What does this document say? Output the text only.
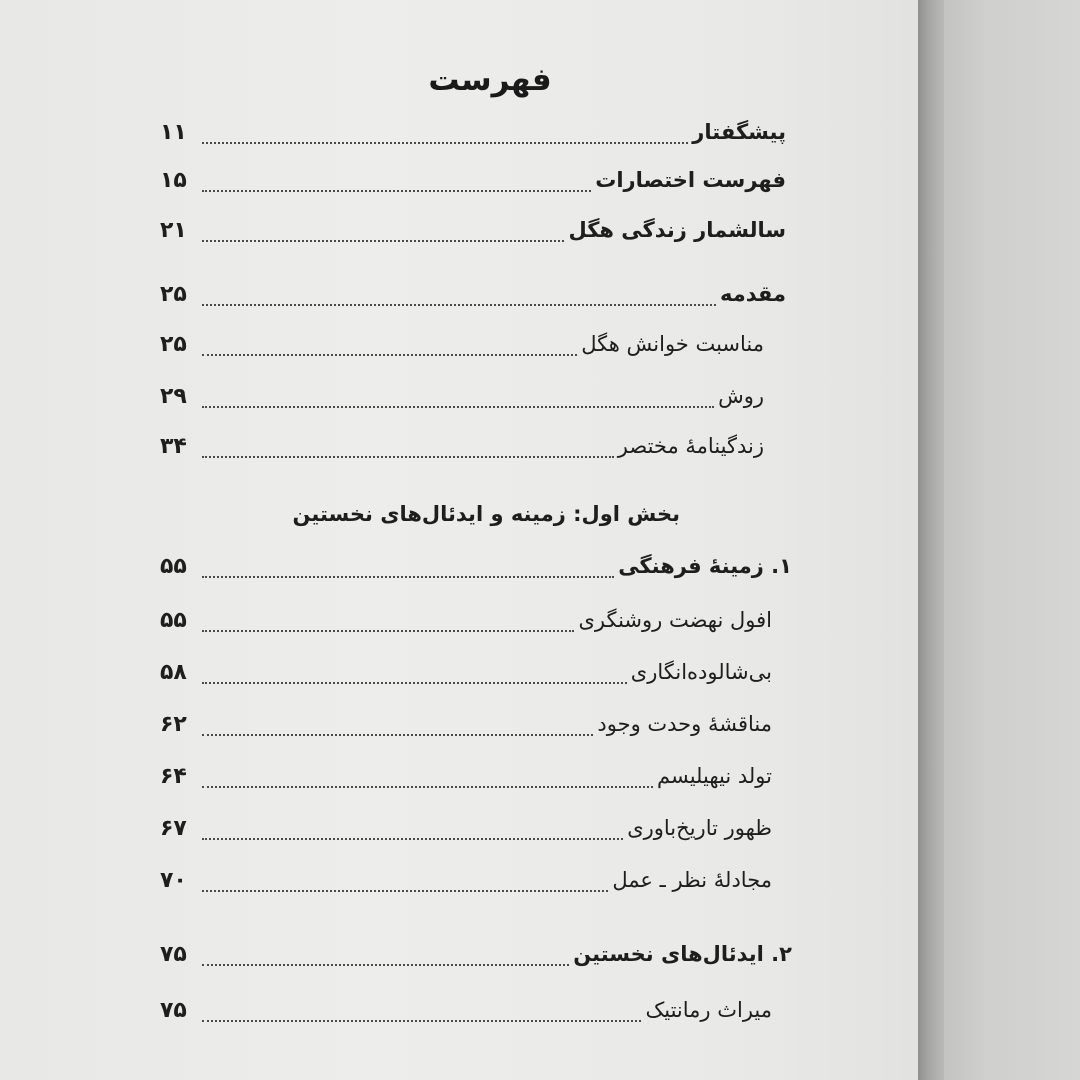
فهرست
پیشگفتار
۱۱
فهرست اختصارات
۱۵
سالشمار زندگی هگل
۲۱
مقدمه
۲۵
مناسبت خوانش هگل
۲۵
روش
۲۹
زندگینامهٔ مختصر
۳۴
بخش اول: زمینه و ایدئال‌های نخستین
۱. زمینهٔ فرهنگی
۵۵
افول نهضت روشنگری
۵۵
بی‌شالوده‌انگاری
۵۸
مناقشهٔ وحدت وجود
۶۲
تولد نیهیلیسم
۶۴
ظهور تاریخ‌باوری
۶۷
مجادلهٔ نظر ـ عمل
۷۰
۲. ایدئال‌های نخستین
۷۵
میراث رمانتیک
۷۵
